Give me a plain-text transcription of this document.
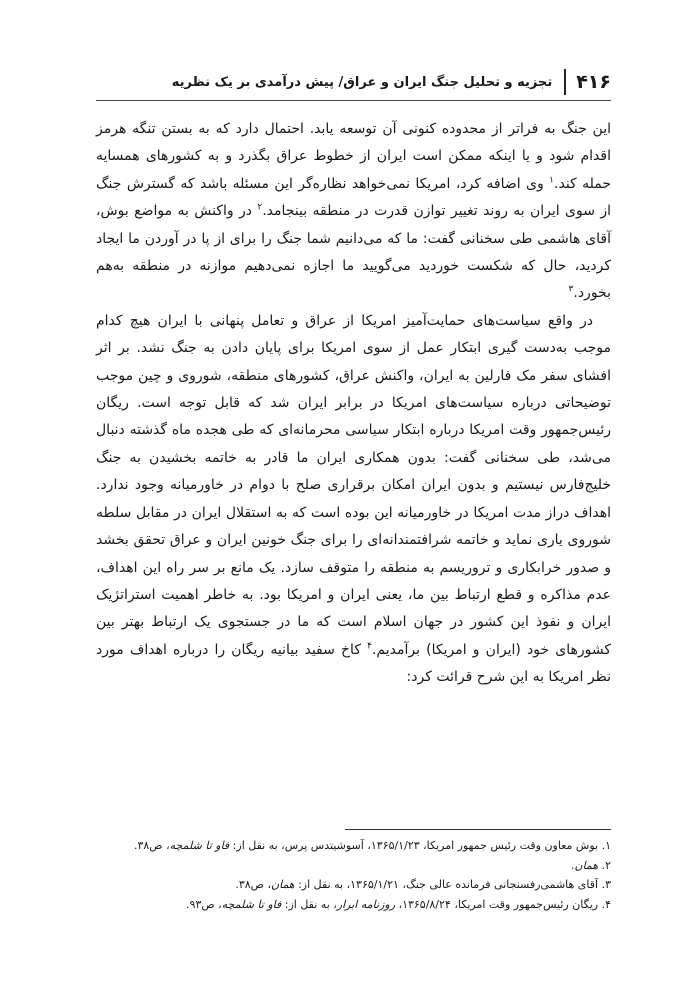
۴۱۶
تجزیه و تحلیل جنگ ایران و عراق/ پیش درآمدی بر یک نظریه

این جنگ به فراتر از محدوده کنونی آن توسعه یابد. احتمال دارد که به بستن تنگه هرمز اقدام شود و یا اینکه ممکن است ایران از خطوط عراق بگذرد و به کشورهای همسایه حمله کند.$^۱$ وی اضافه کرد، امریکا نمی‌خواهد نظاره‌گر این مسئله باشد که گسترش جنگ از سوی ایران به روند تغییر توازن قدرت در منطقه بینجامد.$^۲$ در واکنش به مواضع بوش، آقای هاشمی طی سخنانی گفت: ما که می‌دانیم شما جنگ را برای از پا در آوردن ما ایجاد کردید، حال که شکست خوردید می‌گویید ما اجازه نمی‌دهیم موازنه در منطقه به‌هم بخورد.$^۳$

در واقع سیاست‌های حمایت‌آمیز امریکا از عراق و تعامل پنهانی با ایران هیچ کدام موجب به‌دست گیری ابتکار عمل از سوی امریکا برای پایان دادن به جنگ نشد. بر اثر افشای سفر مک فارلین به ایران، واکنش عراق، کشورهای منطقه، شوروی و چین موجب توضیحاتی درباره سیاست‌های امریکا در برابر ایران شد که قابل توجه است. ریگان رئیس‌جمهور وقت امریکا درباره ابتکار سیاسی محرمانه‌ای که طی هجده ماه گذشته دنبال می‌شد، طی سخنانی گفت: بدون همکاری ایران ما قادر به خاتمه بخشیدن به جنگ خلیج‌فارس نیستیم و بدون ایران امکان برقراری صلح با دوام در خاورمیانه وجود ندارد. اهداف دراز مدت امریکا در خاورمیانه این بوده است که به استقلال ایران در مقابل سلطه شوروی یاری نماید و خاتمه شرافتمندانه‌ای را برای جنگ خونین ایران و عراق تحقق بخشد و صدور خرابکاری و تروریسم به منطقه را متوقف سازد. یک مانع بر سر راه این اهداف، عدم مذاکره و قطع ارتباط بین ما، یعنی ایران و امریکا بود. به خاطر اهمیت استراتژیک ایران و نفوذ این کشور در جهان اسلام است که ما در جستجوی یک ارتباط بهتر بین کشورهای خود (ایران و امریکا) برآمدیم.$^۴$ کاخ سفید بیانیه ریگان را درباره اهداف مورد نظر امریکا به این شرح قرائت کرد:

۱. بوش معاون وقت رئیس جمهور امریکا، ۱۳۶۵/۱/۲۳، آسوشیتدس پرس، به نقل از: فاو تا شلمچه، ص۳۸.
۲. همان.
۳. آقای هاشمی‌رفسنجانی فرمانده عالی جنگ، ۱۳۶۵/۱/۲۱، به نقل از: همان، ص۳۸.
۴. ریگان رئیس‌جمهور وقت امریکا، ۱۳۶۵/۸/۲۴، روزنامه ابرار، به نقل از: فاو تا شلمچه، ص۹۳.
